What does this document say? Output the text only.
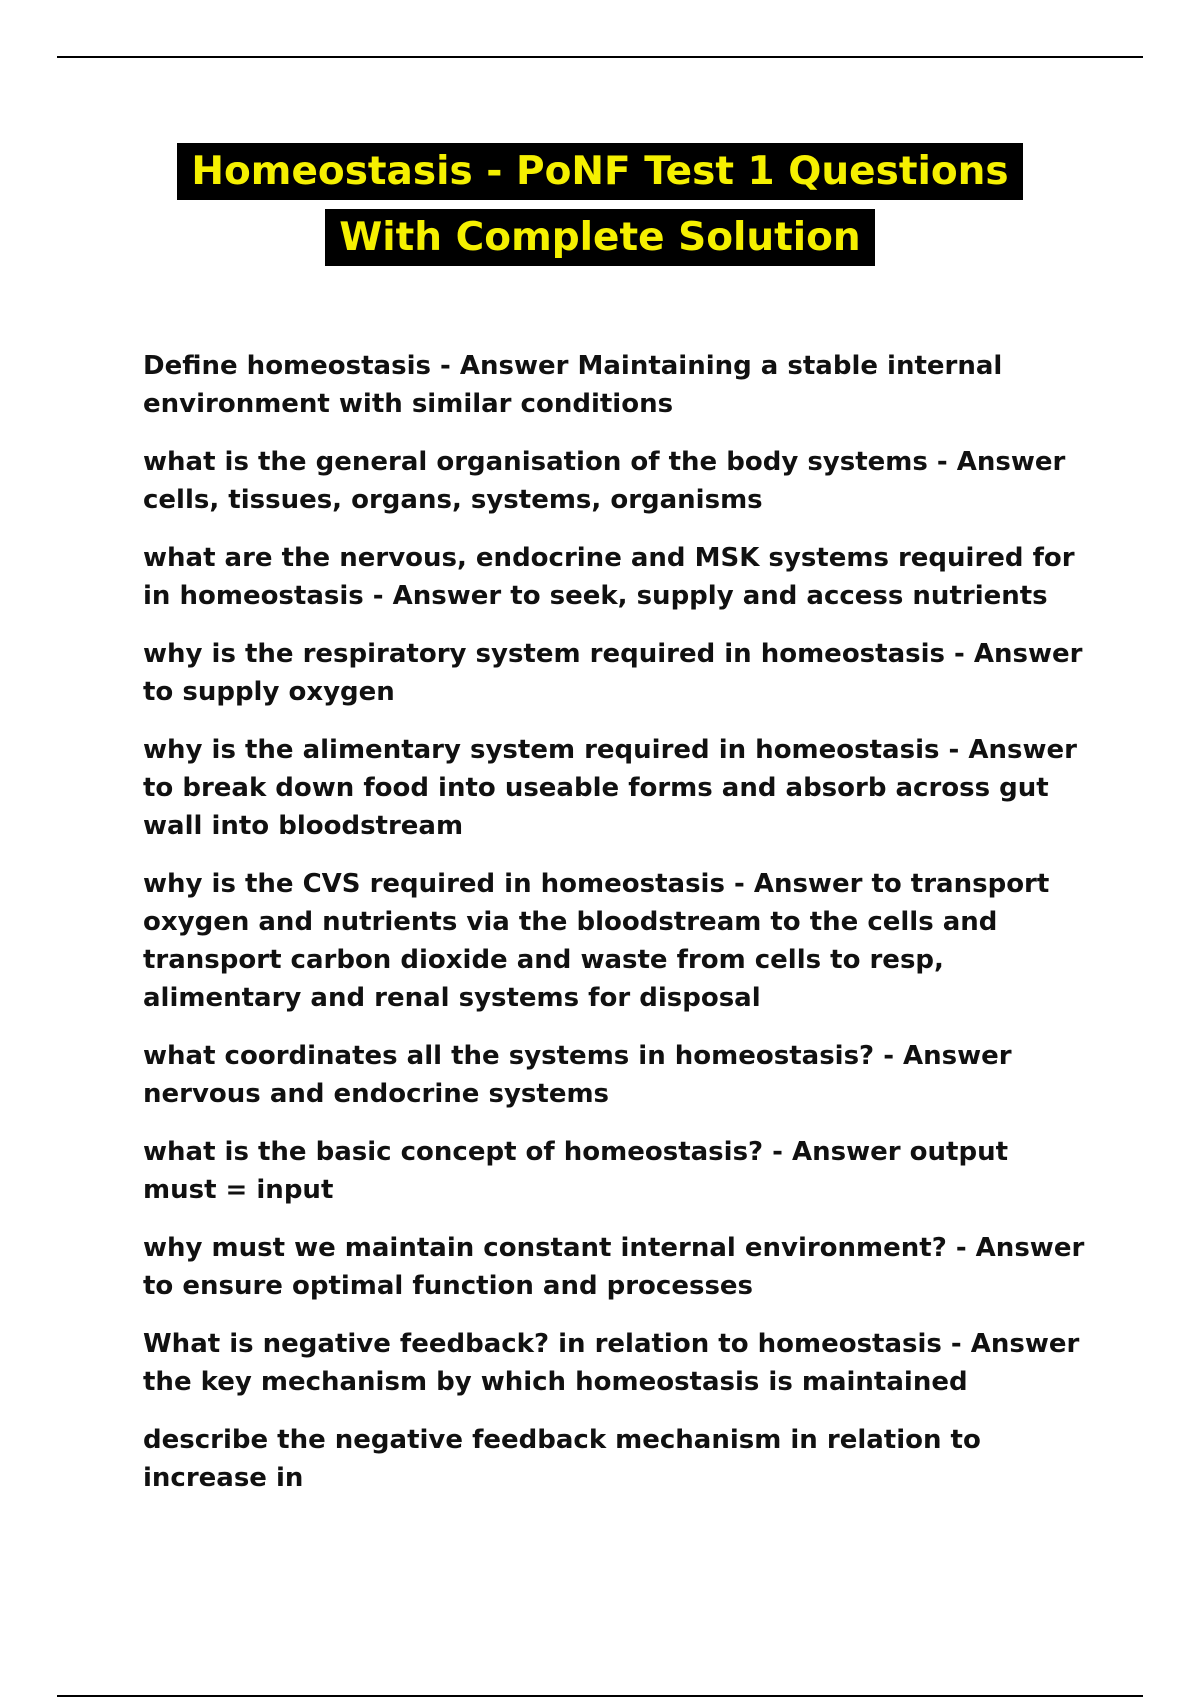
Homeostasis - PoNF Test 1 Questions
With Complete Solution

Define homeostasis - Answer Maintaining a stable internal environment with similar conditions

what is the general organisation of the body systems - Answer cells, tissues, organs, systems, organisms

what are the nervous, endocrine and MSK systems required for in homeostasis - Answer to seek, supply and access nutrients

why is the respiratory system required in homeostasis - Answer to supply oxygen

why is the alimentary system required in homeostasis - Answer to break down food into useable forms and absorb across gut wall into bloodstream

why is the CVS required in homeostasis - Answer to transport oxygen and nutrients via the bloodstream to the cells and transport carbon dioxide and waste from cells to resp, alimentary and renal systems for disposal

what coordinates all the systems in homeostasis? - Answer nervous and endocrine systems

what is the basic concept of homeostasis? - Answer output must = input

why must we maintain constant internal environment? - Answer to ensure optimal function and processes

What is negative feedback? in relation to homeostasis - Answer the key mechanism by which homeostasis is maintained

describe the negative feedback mechanism in relation to increase in
